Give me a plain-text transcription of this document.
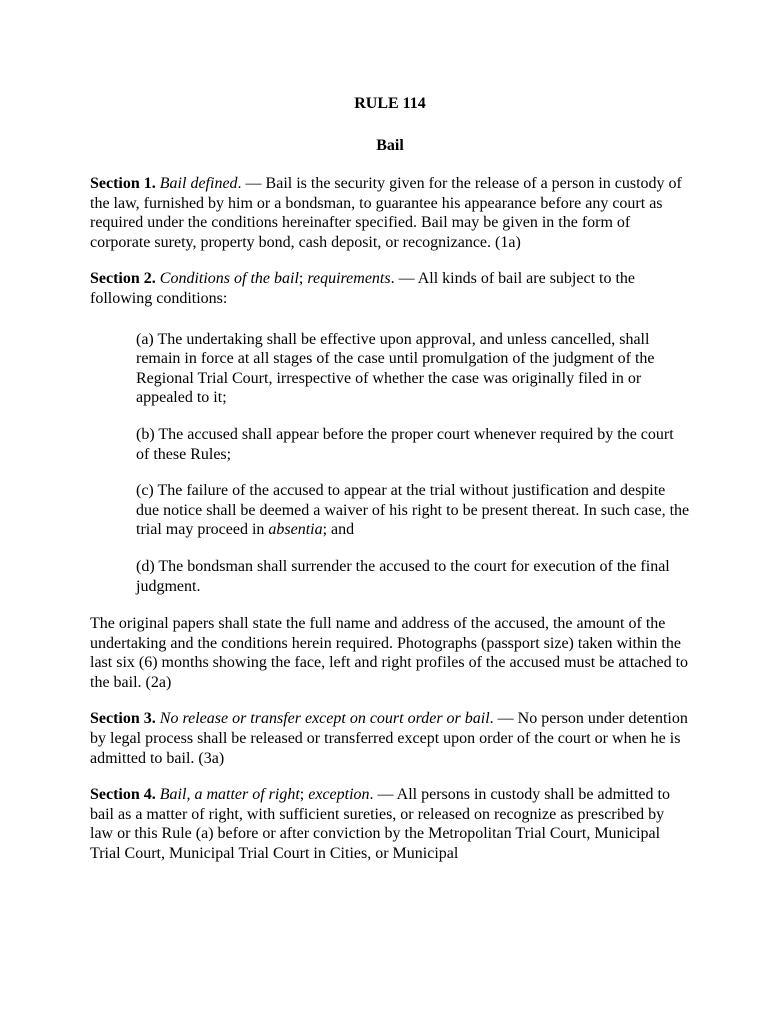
RULE 114
Bail

Section 1. Bail defined. — Bail is the security given for the release of a person in custody of the law, furnished by him or a bondsman, to guarantee his appearance before any court as required under the conditions hereinafter specified. Bail may be given in the form of corporate surety, property bond, cash deposit, or recognizance. (1a)

Section 2. Conditions of the bail; requirements. — All kinds of bail are subject to the following conditions:

(a) The undertaking shall be effective upon approval, and unless cancelled, shall remain in force at all stages of the case until promulgation of the judgment of the Regional Trial Court, irrespective of whether the case was originally filed in or appealed to it;

(b) The accused shall appear before the proper court whenever required by the court of these Rules;

(c) The failure of the accused to appear at the trial without justification and despite due notice shall be deemed a waiver of his right to be present thereat. In such case, the trial may proceed in absentia; and

(d) The bondsman shall surrender the accused to the court for execution of the final judgment.

The original papers shall state the full name and address of the accused, the amount of the undertaking and the conditions herein required. Photographs (passport size) taken within the last six (6) months showing the face, left and right profiles of the accused must be attached to the bail. (2a)

Section 3. No release or transfer except on court order or bail. — No person under detention by legal process shall be released or transferred except upon order of the court or when he is admitted to bail. (3a)

Section 4. Bail, a matter of right; exception. — All persons in custody shall be admitted to bail as a matter of right, with sufficient sureties, or released on recognize as prescribed by law or this Rule (a) before or after conviction by the Metropolitan Trial Court, Municipal Trial Court, Municipal Trial Court in Cities, or Municipal
